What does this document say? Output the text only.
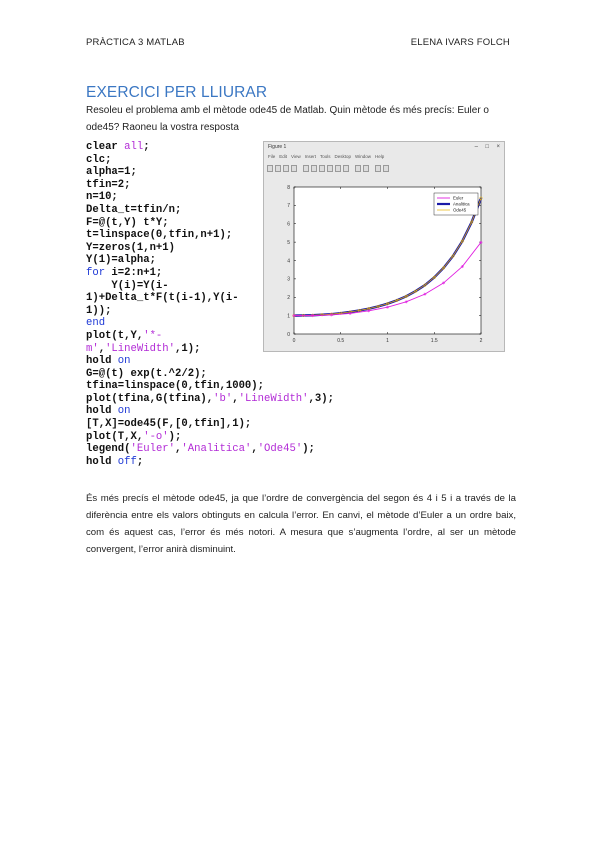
PRÀCTICA 3 MATLAB	ELENA IVARS FOLCH
EXERCICI PER LLIURAR
Resoleu el problema amb el mètode ode45 de Matlab. Quin mètode és més precís: Euler o ode45? Raoneu la vostra resposta
clear all;
clc;
alpha=1;
tfin=2;
n=10;
Delta_t=tfin/n;
F=@(t,Y) t*Y;
t=linspace(0,tfin,n+1);
Y=zeros(1,n+1)
Y(1)=alpha;
for i=2:n+1;
Y(i)=Y(i-
1)+Delta_t*F(t(i-1),Y(i-
1));
end
plot(t,Y,'*-
m','LineWidth',1);
hold on
G=@(t) exp(t.^2/2);
tfina=linspace(0,tfin,1000);
plot(tfina,G(tfina),'b','LineWidth',3);
hold on
[T,X]=ode45(F,[0,tfin],1);
plot(T,X,'-o');
legend('Euler','Analitica','Ode45');
hold off;
Figure 1	– □ ×
File Edit View Insert Tools Desktop Window Help
0	0.5	1	1.5	2
0
1
2
3
4
5
6
7
8
Euler
Analitica
Ode45
És més precís el mètode ode45, ja que l’ordre de convergència del segon és 4 i 5 i a través de la diferència entre els valors obtinguts en calcula l’error. En canvi, el mètode d’Euler a un ordre baix, com és aquest cas, l’error és més notori. A mesura que s’augmenta l’ordre, al ser un mètode convergent, l’error anirà disminuint.
